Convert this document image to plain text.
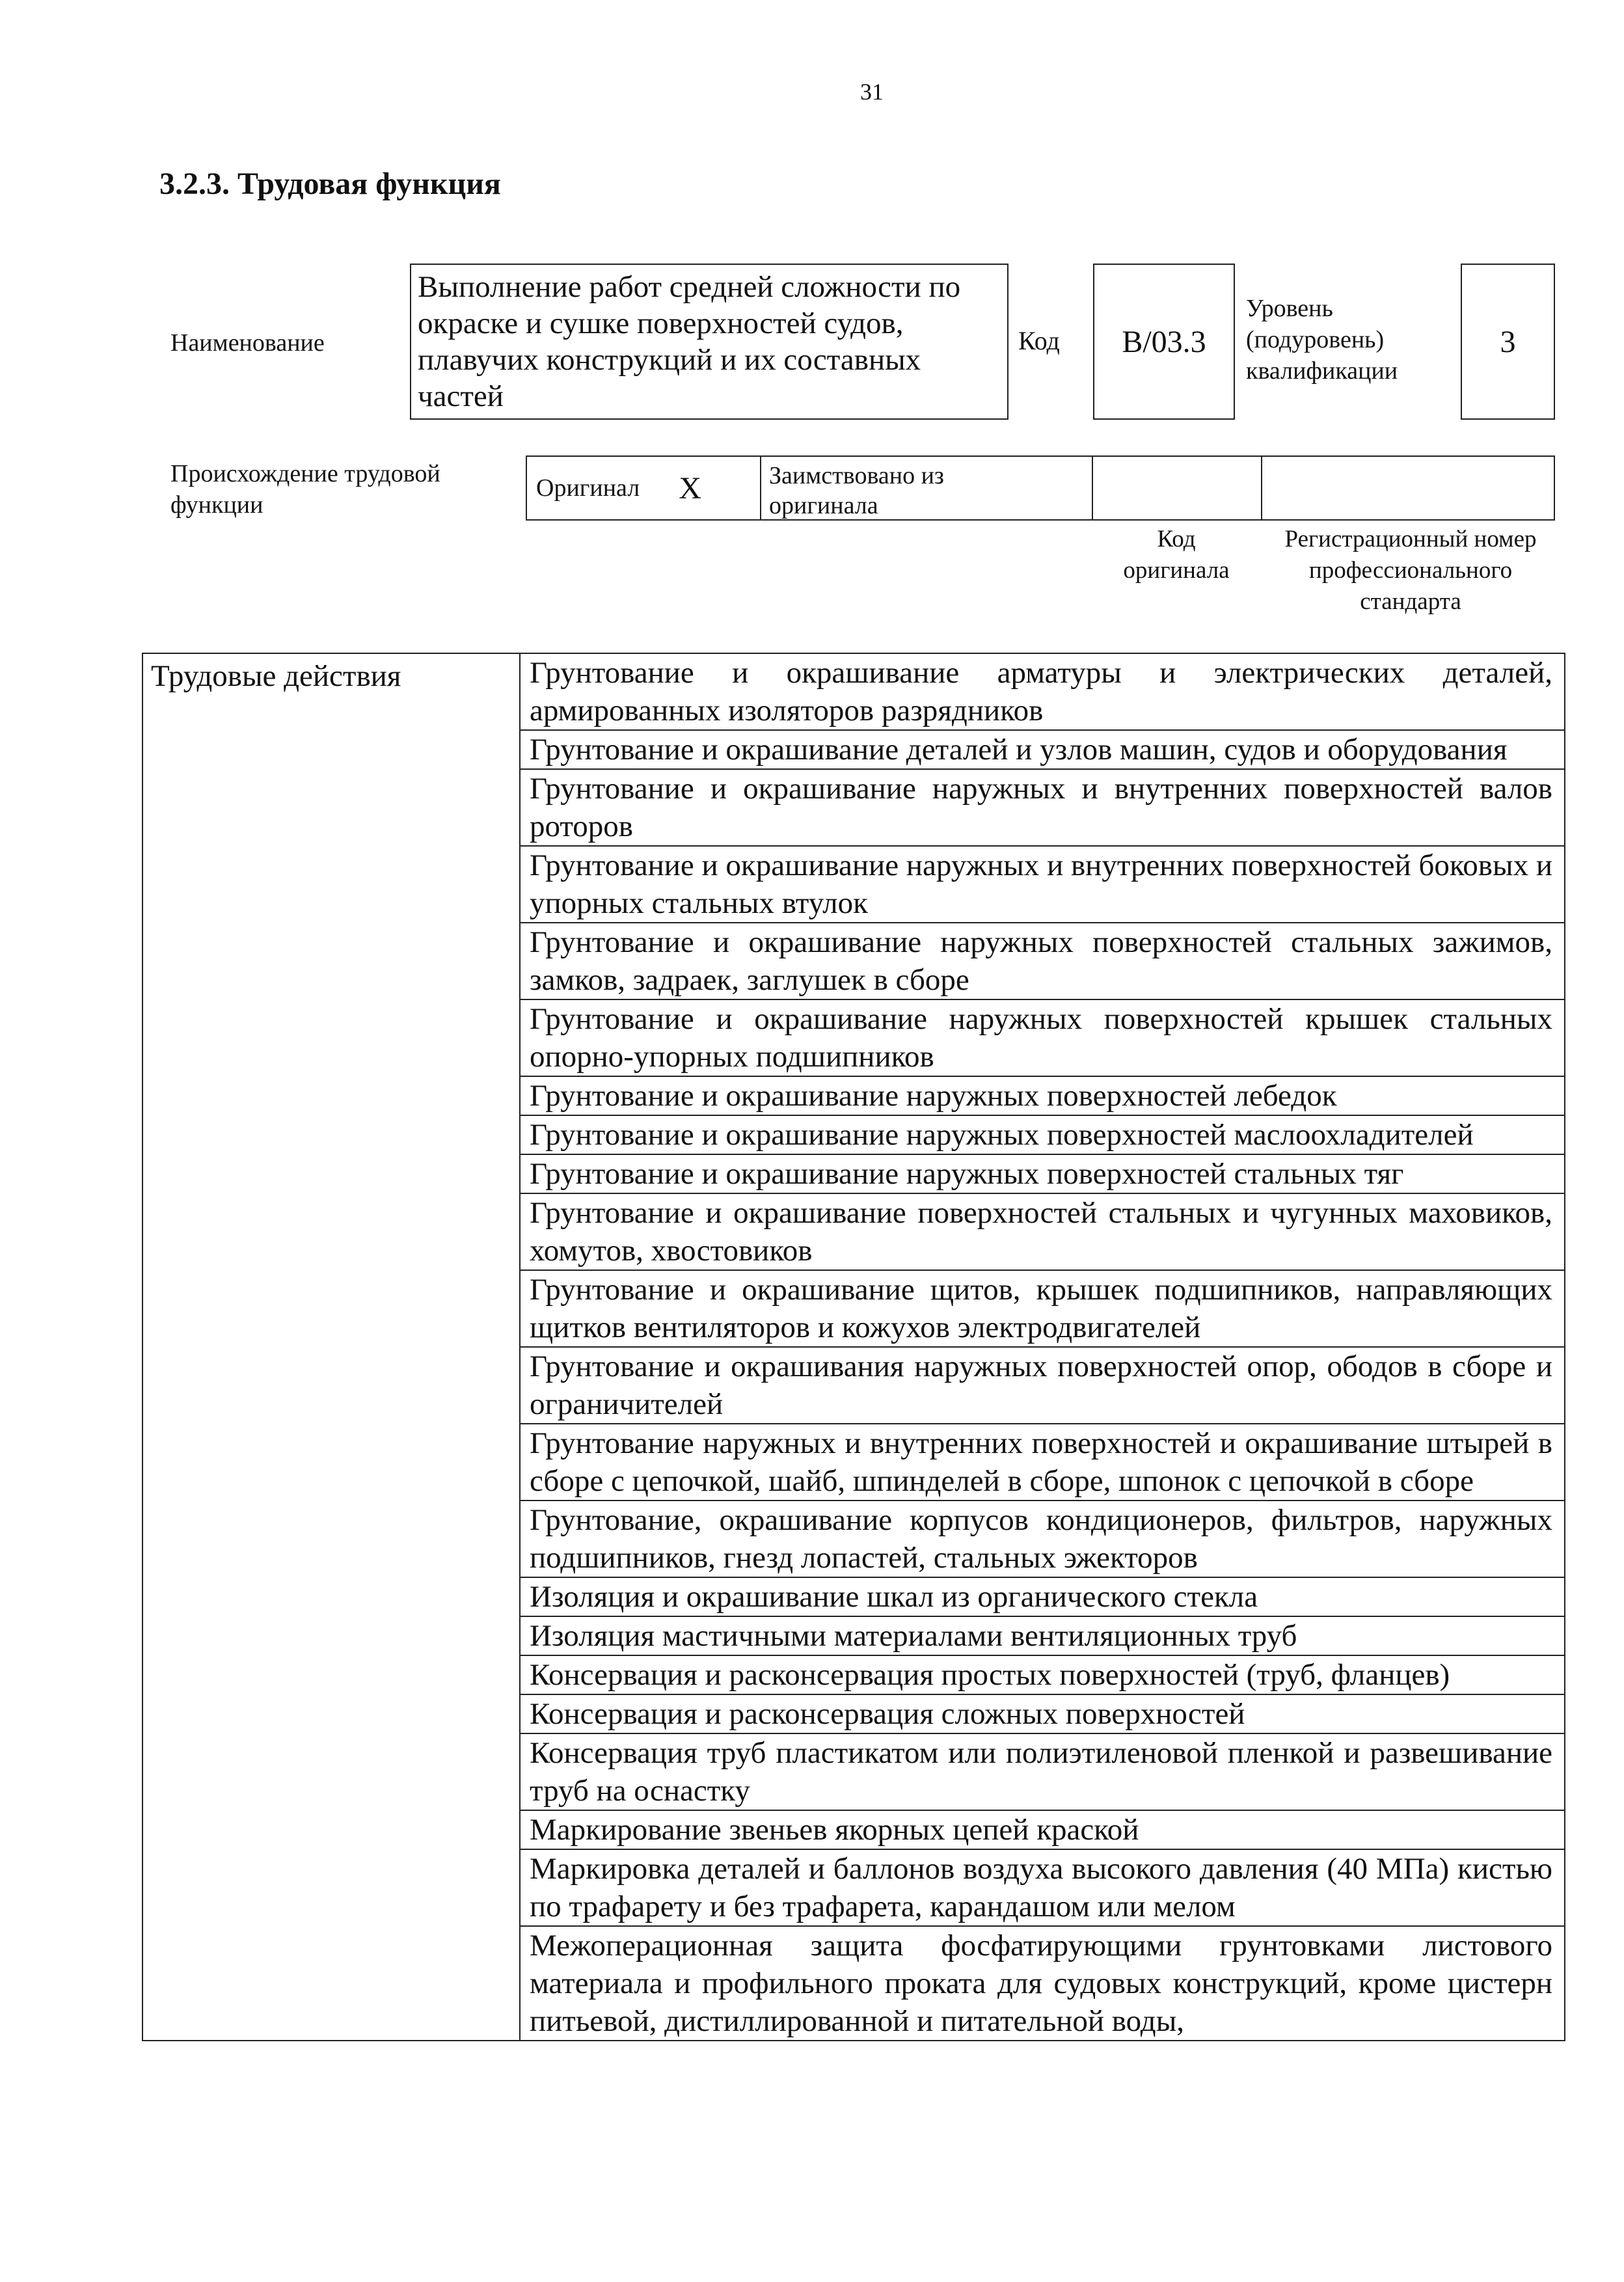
31
3.2.3. Трудовая функция
Наименование
Выполнение работ средней сложности по окраске и сушке поверхностей судов, плавучих конструкций и их составных частей
Код	B/03.3
Уровень
(подуровень)
квалификации
3
Происхождение трудовой
функции
Оригинал X	Заимствовано из
оригинала
Код
оригинала
Регистрационный номер
профессионального
стандарта
Трудовые действия	Грунтование и окрашивание арматуры и электрических деталей, армированных изоляторов разрядников
Грунтование и окрашивание деталей и узлов машин, судов и оборудования
Грунтование и окрашивание наружных и внутренних поверхностей валов роторов
Грунтование и окрашивание наружных и внутренних поверхностей боковых и упорных стальных втулок
Грунтование и окрашивание наружных поверхностей стальных зажимов, замков, задраек, заглушек в сборе
Грунтование и окрашивание наружных поверхностей крышек стальных опорно-упорных подшипников
Грунтование и окрашивание наружных поверхностей лебедок
Грунтование и окрашивание наружных поверхностей маслоохладителей
Грунтование и окрашивание наружных поверхностей стальных тяг
Грунтование и окрашивание поверхностей стальных и чугунных маховиков, хомутов, хвостовиков
Грунтование и окрашивание щитов, крышек подшипников, направляющих щитков вентиляторов и кожухов электродвигателей
Грунтование и окрашивания наружных поверхностей опор, ободов в сборе и ограничителей
Грунтование наружных и внутренних поверхностей и окрашивание штырей в сборе с цепочкой, шайб, шпинделей в сборе, шпонок с цепочкой в сборе
Грунтование, окрашивание корпусов кондиционеров, фильтров, наружных подшипников, гнезд лопастей, стальных эжекторов
Изоляция и окрашивание шкал из органического стекла
Изоляция мастичными материалами вентиляционных труб
Консервация и расконсервация простых поверхностей (труб, фланцев)
Консервация и расконсервация сложных поверхностей
Консервация труб пластикатом или полиэтиленовой пленкой и развешивание труб на оснастку
Маркирование звеньев якорных цепей краской
Маркировка деталей и баллонов воздуха высокого давления (40 МПа) кистью по трафарету и без трафарета, карандашом или мелом
Межоперационная защита фосфатирующими грунтовками листового материала и профильного проката для судовых конструкций, кроме цистерн питьевой, дистиллированной и питательной воды,
